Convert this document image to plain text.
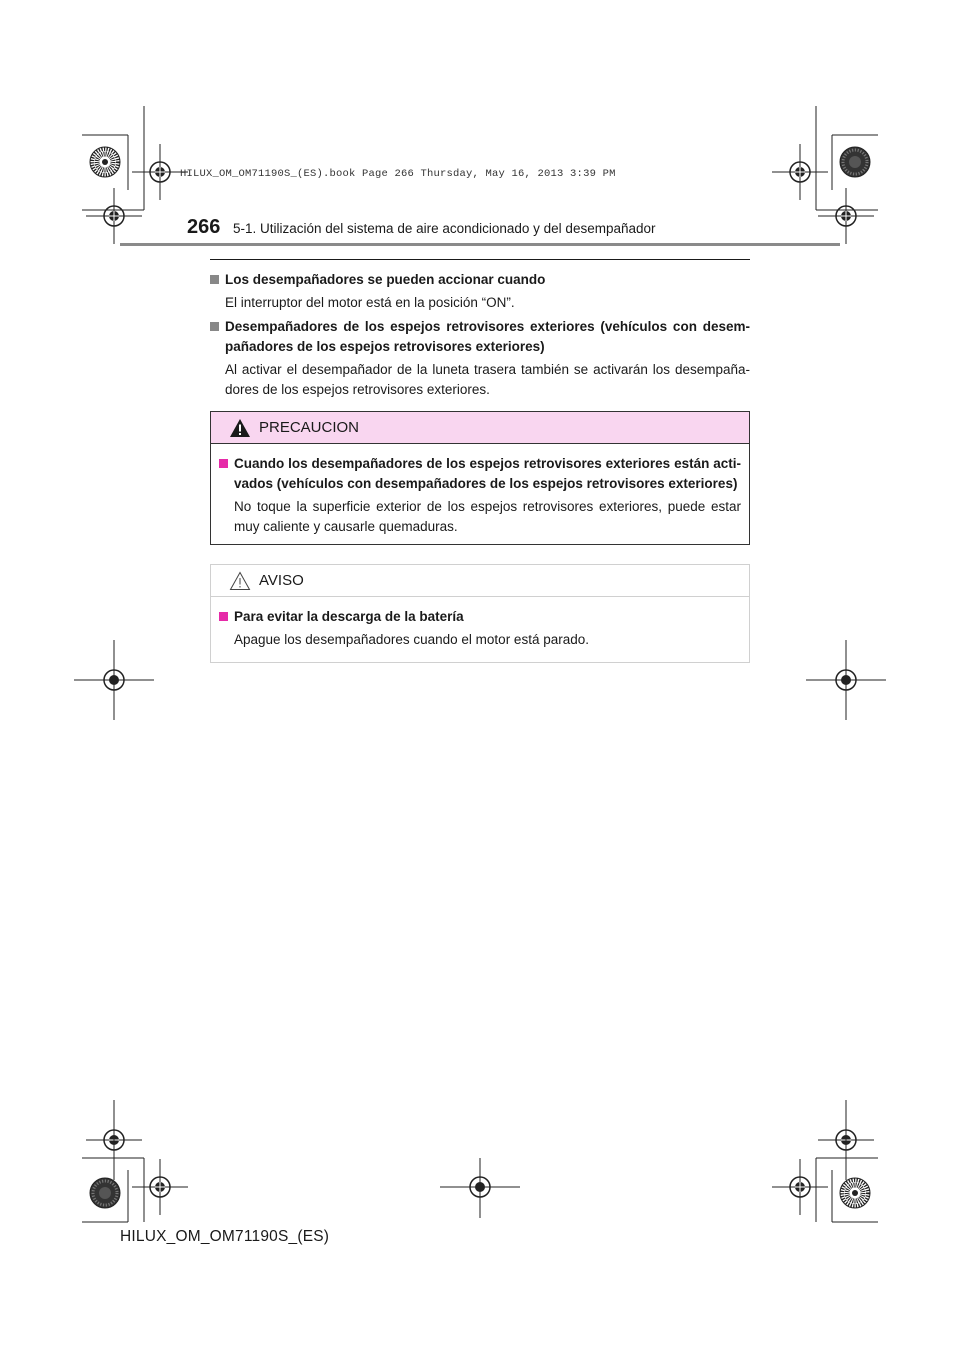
HILUX_OM_OM71190S_(ES).book Page 266 Thursday, May 16, 2013 3:39 PM
266 5-1. Utilización del sistema de aire acondicionado y del desempañador
Los desempañadores se pueden accionar cuando
El interruptor del motor está en la posición “ON”.
Desempañadores de los espejos retrovisores exteriores (vehículos con desem-pañadores de los espejos retrovisores exteriores)
Al activar el desempañador de la luneta trasera también se activarán los desempaña-dores de los espejos retrovisores exteriores.
PRECAUCION
Cuando los desempañadores de los espejos retrovisores exteriores están acti-vados (vehículos con desempañadores de los espejos retrovisores exteriores)
No toque la superficie exterior de los espejos retrovisores exteriores, puede estar muy caliente y causarle quemaduras.
AVISO
Para evitar la descarga de la batería
Apague los desempañadores cuando el motor está parado.
HILUX_OM_OM71190S_(ES)
